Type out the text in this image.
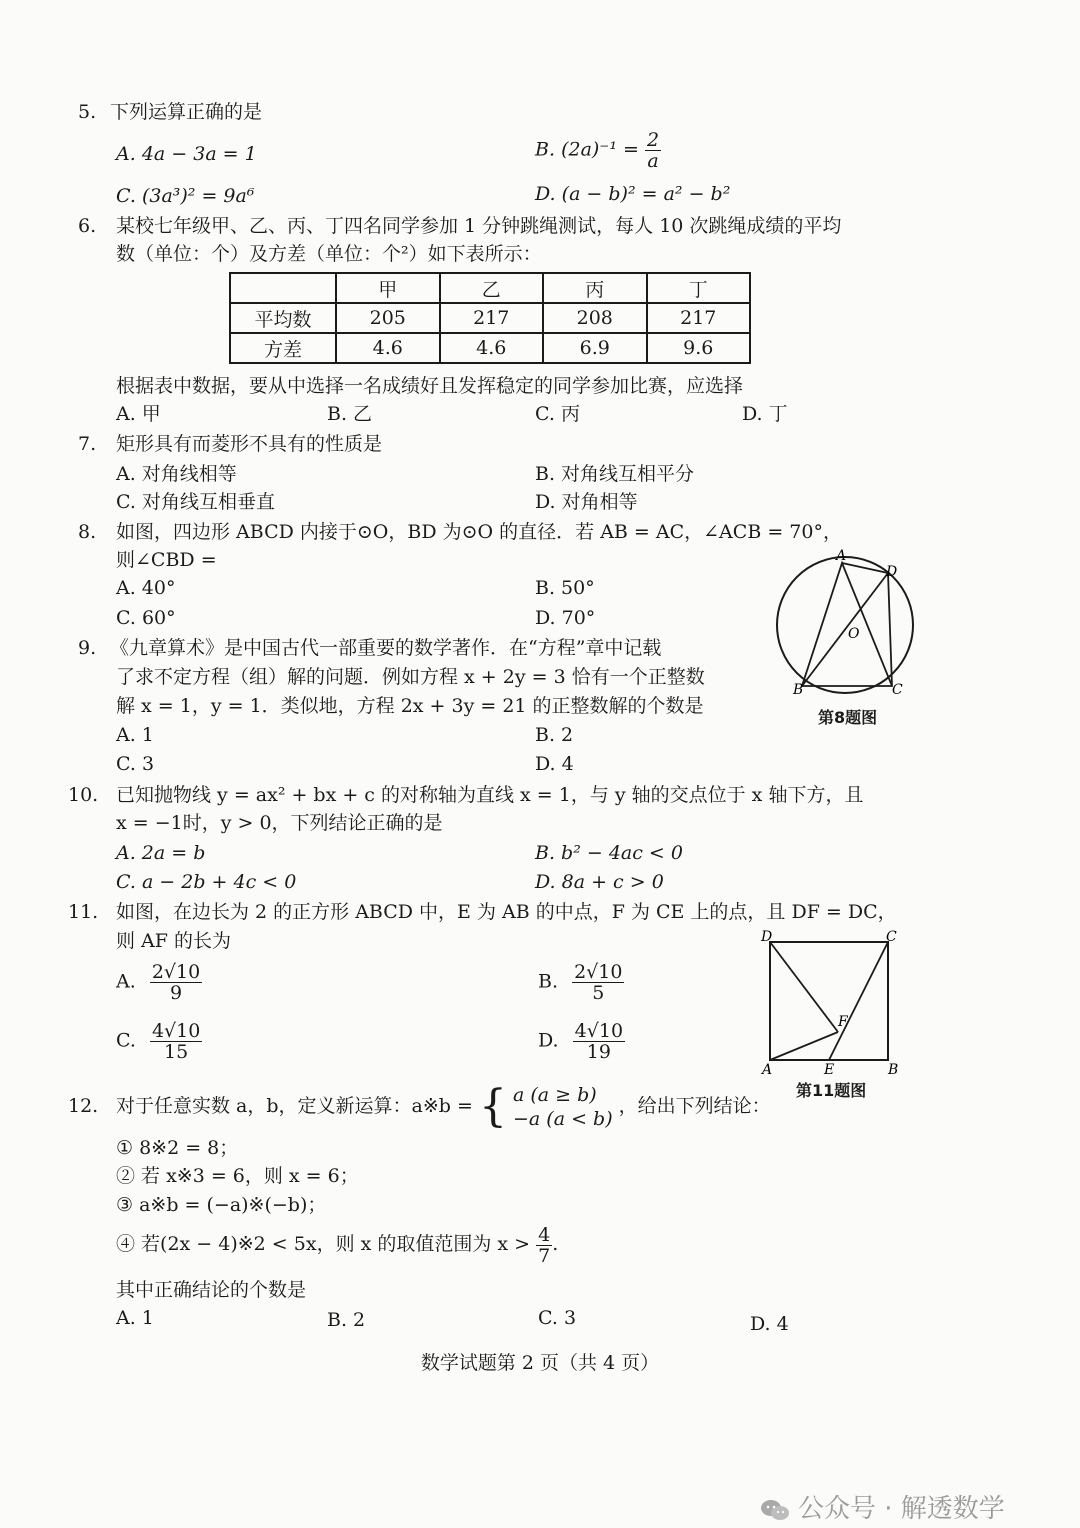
5. 下列运算正确的是
A. 4a − 3a = 1	B. $(2a)^{-1} = \frac{2}{a}$
C. (3a³)² = 9a⁶	D. (a − b)² = a² − b²
6. 某校七年级甲、乙、丙、丁四名同学参加 1 分钟跳绳测试，每人 10 次跳绳成绩的平均
数（单位：个）及方差（单位：个²）如下表所示：
	甲	乙	丙	丁
平均数	205	217	208	217
方差	4.6	4.6	6.9	9.6
根据表中数据，要从中选择一名成绩好且发挥稳定的同学参加比赛，应选择
A. 甲	B. 乙	C. 丙	D. 丁
7. 矩形具有而菱形不具有的性质是
A. 对角线相等	B. 对角线互相平分
C. 对角线互相垂直	D. 对角相等
8. 如图，四边形 ABCD 内接于⊙O，BD 为⊙O 的直径．若 AB = AC，∠ACB = 70°，
则∠CBD =
A. 40°	B. 50°
C. 60°	D. 70°
A
D
O
B	C
第8题图
9. 《九章算术》是中国古代一部重要的数学著作．在“方程”章中记载
了求不定方程（组）解的问题．例如方程 x + 2y = 3 恰有一个正整数
解 x = 1，y = 1．类似地，方程 2x + 3y = 21 的正整数解的个数是
A. 1	B. 2
C. 3	D. 4
10. 已知抛物线 y = ax² + bx + c 的对称轴为直线 x = 1，与 y 轴的交点位于 x 轴下方，且
x = −1时，y > 0，下列结论正确的是
A. 2a = b	B. b² − 4ac < 0
C. a − 2b + 4c < 0	D. 8a + c > 0
11. 如图，在边长为 2 的正方形 ABCD 中，E 为 AB 的中点，F 为 CE 上的点，且 DF = DC，
则 AF 的长为
A. $\frac{2√10}{9}$	B. $\frac{2√10}{5}$
C. $\frac{4√10}{15}$	D. $\frac{4√10}{19}$
D	C
F
A	E	B
第11题图
12. 对于任意实数 a，b，定义新运算：a※b = { a (a ≥ b)
−a (a < b)
，给出下列结论：
① 8※2 = 8；
② 若 x※3 = 6，则 x = 6；
③ a※b = (−a)※(−b)；
④ 若(2x − 4)※2 < 5x，则 x 的取值范围为 $x > \frac{4}{7}$ .
其中正确结论的个数是
A. 1	B. 2	C. 3	D. 4
数学试题第 2 页（共 4 页）
公众号 · 解透数学
